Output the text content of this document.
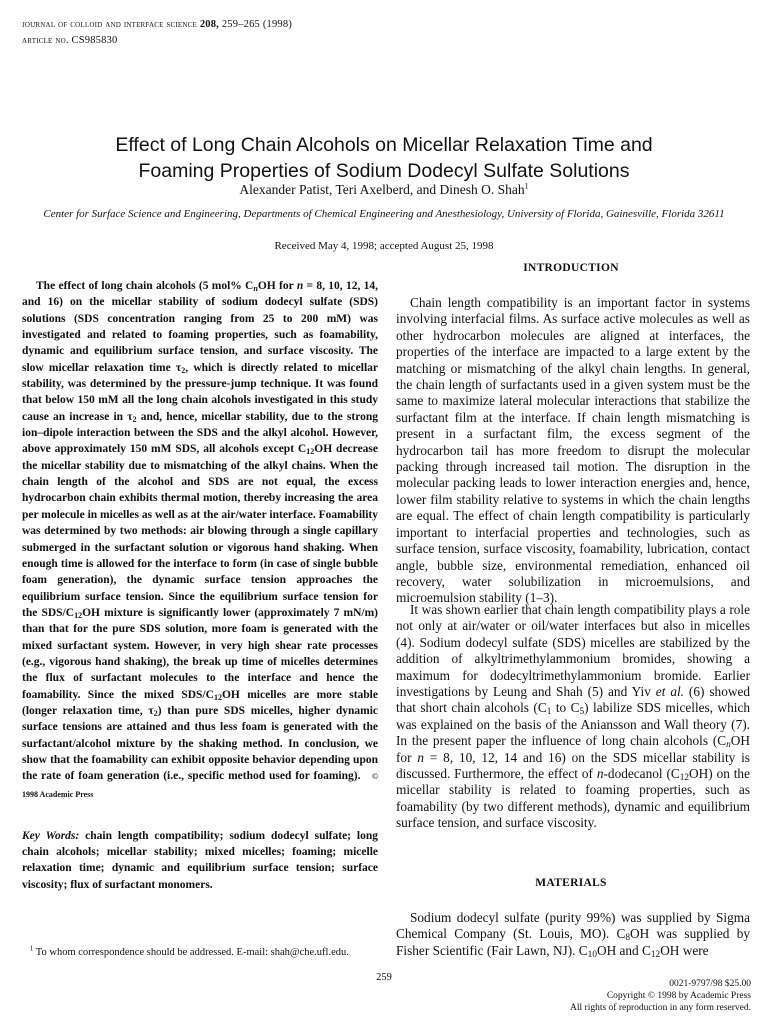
journal of colloid and interface science 208, 259–265 (1998)
article no. CS985830
Effect of Long Chain Alcohols on Micellar Relaxation Time and
Foaming Properties of Sodium Dodecyl Sulfate Solutions
Alexander Patist, Teri Axelberd, and Dinesh O. Shah$^1$
Center for Surface Science and Engineering, Departments of Chemical Engineering and Anesthesiology, University of Florida, Gainesville, Florida 32611
Received May 4, 1998; accepted August 25, 1998

The effect of long chain alcohols (5 mol% $C_nOH$ for n = 8, 10, 12, 14, and 16) on the micellar stability of sodium dodecyl sulfate (SDS) solutions (SDS concentration ranging from 25 to 200 mM) was investigated and related to foaming properties, such as foamability, dynamic and equilibrium surface tension, and surface viscosity. The slow micellar relaxation time $\tau_2$, which is directly related to micellar stability, was determined by the pressure-jump technique. It was found that below 150 mM all the long chain alcohols investigated in this study cause an increase in $\tau_2$ and, hence, micellar stability, due to the strong ion–dipole interaction between the SDS and the alkyl alcohol. However, above approximately 150 mM SDS, all alcohols except $C_{12}OH$ decrease the micellar stability due to mismatching of the alkyl chains. When the chain length of the alcohol and SDS are not equal, the excess hydrocarbon chain exhibits thermal motion, thereby increasing the area per molecule in micelles as well as at the air/water interface. Foamability was determined by two methods: air blowing through a single capillary submerged in the surfactant solution or vigorous hand shaking. When enough time is allowed for the interface to form (in case of single bubble foam generation), the dynamic surface tension approaches the equilibrium surface tension. Since the equilibrium surface tension for the SDS/$C_{12}OH$ mixture is significantly lower (approximately 7 mN/m) than that for the pure SDS solution, more foam is generated with the mixed surfactant system. However, in very high shear rate processes (e.g., vigorous hand shaking), the break up time of micelles determines the flux of surfactant molecules to the interface and hence the foamability. Since the mixed SDS/$C_{12}OH$ micelles are more stable (longer relaxation time, $\tau_2$) than pure SDS micelles, higher dynamic surface tensions are attained and thus less foam is generated with the surfactant/alcohol mixture by the shaking method. In conclusion, we show that the foamability can exhibit opposite behavior depending upon the rate of foam generation (i.e., specific method used for foaming). © 1998 Academic Press

Key Words: chain length compatibility; sodium dodecyl sulfate; long chain alcohols; micellar stability; mixed micelles; foaming; micelle relaxation time; dynamic and equilibrium surface tension; surface viscosity; flux of surfactant monomers.

$^1$ To whom correspondence should be addressed. E-mail: shah@che.ufl.edu.
INTRODUCTION

Chain length compatibility is an important factor in systems involving interfacial films. As surface active molecules as well as other hydrocarbon molecules are aligned at interfaces, the properties of the interface are impacted to a large extent by the matching or mismatching of the alkyl chain lengths. In general, the chain length of surfactants used in a given system must be the same to maximize lateral molecular interactions that stabilize the surfactant film at the interface. If chain length mismatching is present in a surfactant film, the excess segment of the hydrocarbon tail has more freedom to disrupt the molecular packing through increased tail motion. The disruption in the molecular packing leads to lower interaction energies and, hence, lower film stability relative to systems in which the chain lengths are equal. The effect of chain length compatibility is particularly important to interfacial properties and technologies, such as surface tension, surface viscosity, foamability, lubrication, contact angle, bubble size, environmental remediation, enhanced oil recovery, water solubilization in microemulsions, and microemulsion stability (1–3).

It was shown earlier that chain length compatibility plays a role not only at air/water or oil/water interfaces but also in micelles (4). Sodium dodecyl sulfate (SDS) micelles are stabilized by the addition of alkyltrimethylammonium bromides, showing a maximum for dodecyltrimethylammonium bromide. Earlier investigations by Leung and Shah (5) and Yiv et al. (6) showed that short chain alcohols ($C_1$ to $C_5$) labilize SDS micelles, which was explained on the basis of the Aniansson and Wall theory (7). In the present paper the influence of long chain alcohols ($C_nOH$ for n = 8, 10, 12, 14 and 16) on the SDS micellar stability is discussed. Furthermore, the effect of n-dodecanol $(C_{12}OH)$ on the micellar stability is related to foaming properties, such as foamability (by two different methods), dynamic and equilibrium surface tension, and surface viscosity.

MATERIALS

Sodium dodecyl sulfate (purity 99%) was supplied by Sigma Chemical Company (St. Louis, MO). $C_8OH$ was supplied by Fisher Scientific (Fair Lawn, NJ). $C_{10}OH$ and $C_{12}OH$ were

259
0021-9797/98 $25.00
Copyright © 1998 by Academic Press
All rights of reproduction in any form reserved.
